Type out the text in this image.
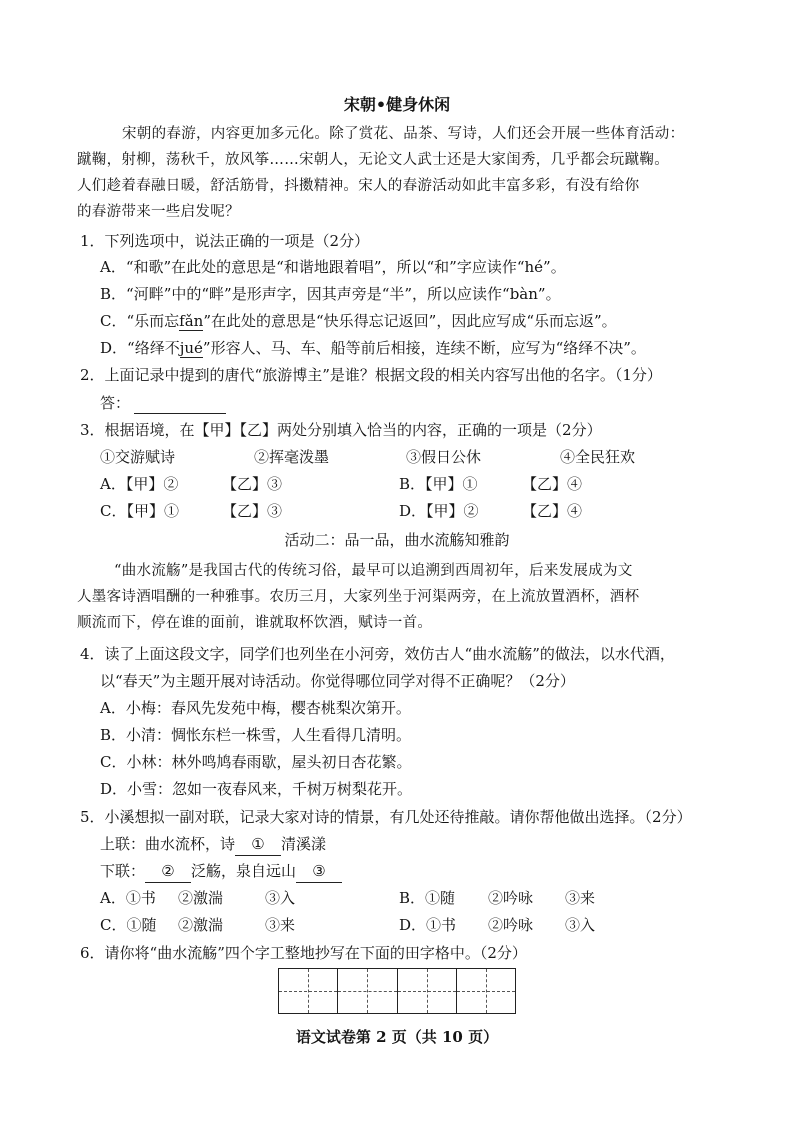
宋朝•健身休闲
宋朝的春游，内容更加多元化。除了赏花、品茶、写诗，人们还会开展一些体育活动：
蹴鞠，射柳，荡秋千，放风筝……宋朝人，无论文人武士还是大家闺秀，几乎都会玩蹴鞠。
人们趁着春融日暖，舒活筋骨，抖擞精神。宋人的春游活动如此丰富多彩，有没有给你
的春游带来一些启发呢？
1．下列选项中，说法正确的一项是（2分）
A．“和歌”在此处的意思是“和谐地跟着唱”，所以“和”字应读作“hé”。
B．“河畔”中的“畔”是形声字，因其声旁是“半”，所以应读作“bàn”。
C．“乐而忘fǎn”在此处的意思是“快乐得忘记返回”，因此应写成“乐而忘返”。
D．“络绎不jué”形容人、马、车、船等前后相接，连续不断，应写为“络绎不决”。
2．上面记录中提到的唐代“旅游博主”是谁？根据文段的相关内容写出他的名字。（1分）
答：
3．根据语境，在【甲】【乙】两处分别填入恰当的内容，正确的一项是（2分）
①交游赋诗	②挥毫泼墨	③假日公休	④全民狂欢
A．【甲】②	【乙】③	B．【甲】①	【乙】④
C．【甲】①	【乙】③	D．【甲】②	【乙】④
活动二：品一品，曲水流觞知雅韵
“曲水流觞”是我国古代的传统习俗，最早可以追溯到西周初年，后来发展成为文
人墨客诗酒唱酬的一种雅事。农历三月，大家列坐于河渠两旁，在上流放置酒杯，酒杯
顺流而下，停在谁的面前，谁就取杯饮酒，赋诗一首。
4．读了上面这段文字，同学们也列坐在小河旁，效仿古人“曲水流觞”的做法，以水代酒，
以“春天”为主题开展对诗活动。你觉得哪位同学对得不正确呢？（2分）
A．小梅：春风先发苑中梅，樱杏桃梨次第开。
B．小清：惆怅东栏一株雪，人生看得几清明。
C．小林：林外鸣鸠春雨歇，屋头初日杏花繁。
D．小雪：忽如一夜春风来，千树万树梨花开。
5．小溪想拟一副对联，记录大家对诗的情景，有几处还待推敲。请你帮他做出选择。（2分）
上联：曲水流杯，诗 ① 清溪漾
下联： ② 泛觞，泉自远山 ③
A．①书 ②激湍	③入	B．①随 ②吟咏 ③来
C．①随 ②激湍	③来	D．①书 ②吟咏 ③入
6．请你将“曲水流觞”四个字工整地抄写在下面的田字格中。（2分）
语文试卷第 2 页（共 10 页）
